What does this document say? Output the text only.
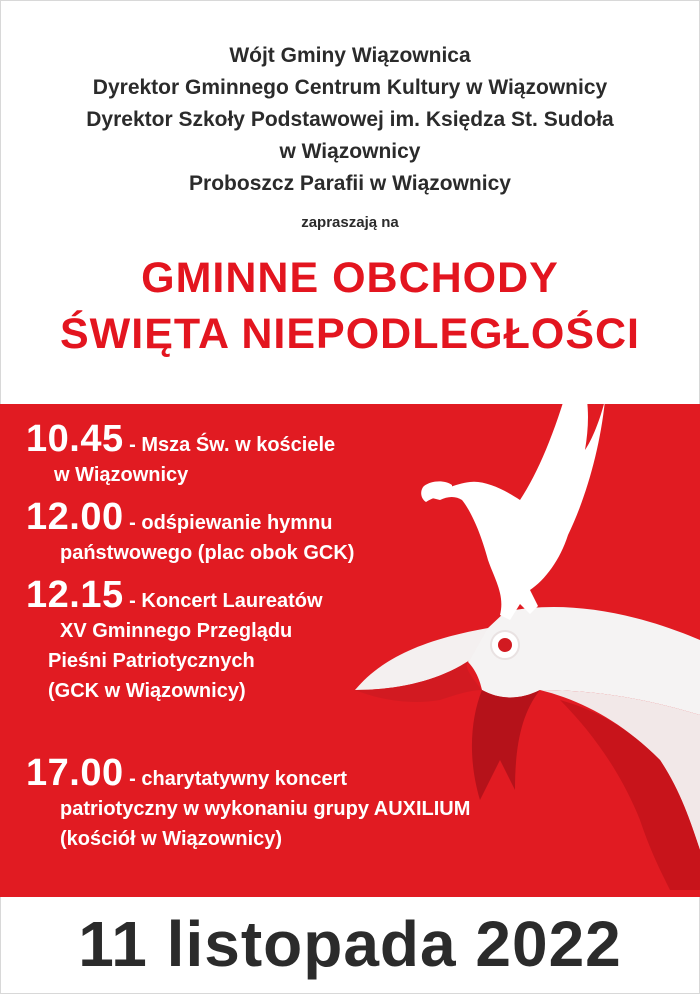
Wójt Gminy Wiązownica
Dyrektor Gminnego Centrum Kultury w Wiązownicy
Dyrektor Szkoły Podstawowej im. Księdza St. Sudoła
w Wiązownicy
Proboszcz Parafii w Wiązownicy
zapraszają na
GMINNE OBCHODY
ŚWIĘTA NIEPODLEGŁOŚCI
10.45 - Msza Św. w kościele
w Wiązownicy
12.00 - odśpiewanie hymnu
państwowego (plac obok GCK)
12.15 - Koncert Laureatów
XV Gminnego Przeglądu
Pieśni Patriotycznych
(GCK w Wiązownicy)
17.00 - charytatywny koncert
patriotyczny w wykonaniu grupy AUXILIUM
(kościół w Wiązownicy)
11 listopada 2022
